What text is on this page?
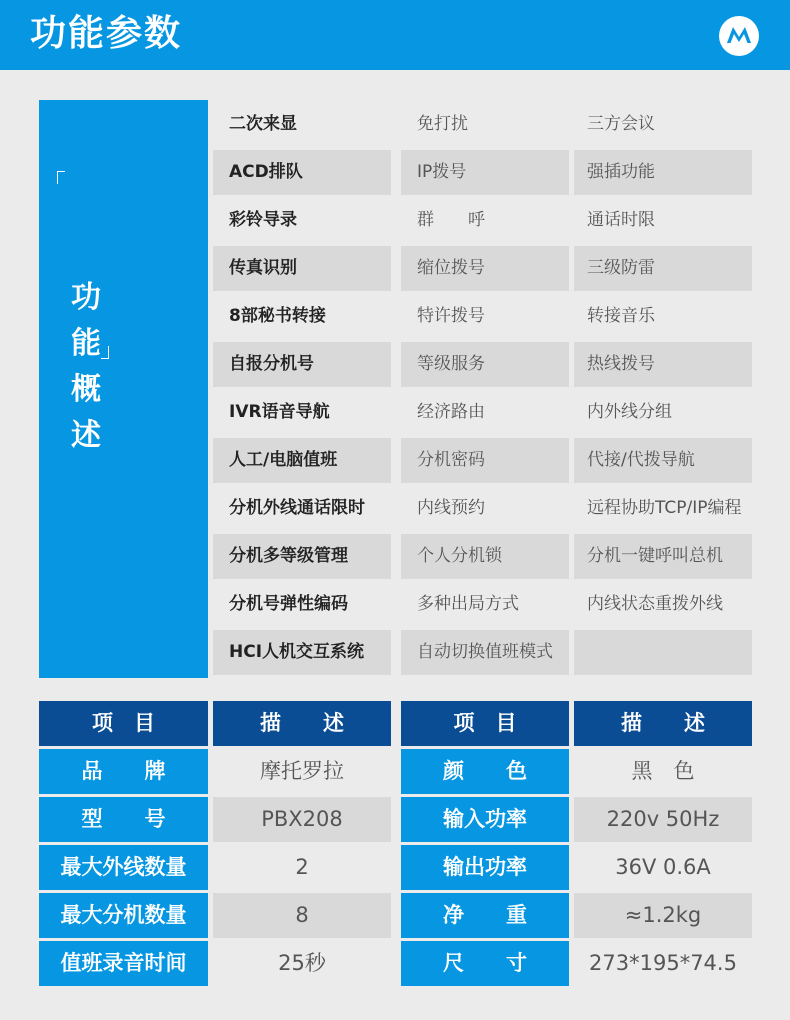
功能参数
功
能
概
述
二次来显	免打扰	三方会议
ACD排队	IP拨号	强插功能
彩铃导录	群　　呼	通话时限
传真识别	缩位拨号	三级防雷
8部秘书转接	特许拨号	转接音乐
自报分机号	等级服务	热线拨号
IVR语音导航	经济路由	内外线分组
人工/电脑值班	分机密码	代接/代拨导航
分机外线通话限时	内线预约	远程协助TCP/IP编程
分机多等级管理	个人分机锁	分机一键呼叫总机
分机号弹性编码	多种出局方式	内线状态重拨外线
HCI人机交互系统	自动切换值班模式
项　目	描　　述	项　目	描　　述
品　　牌	摩托罗拉	颜　　色	黑　色
型　　号	PBX208	输入功率	220v 50Hz
最大外线数量	2	输出功率	36V 0.6A
最大分机数量	8	净　　重	≈1.2kg
值班录音时间	25秒	尺　　寸	273*195*74.5
